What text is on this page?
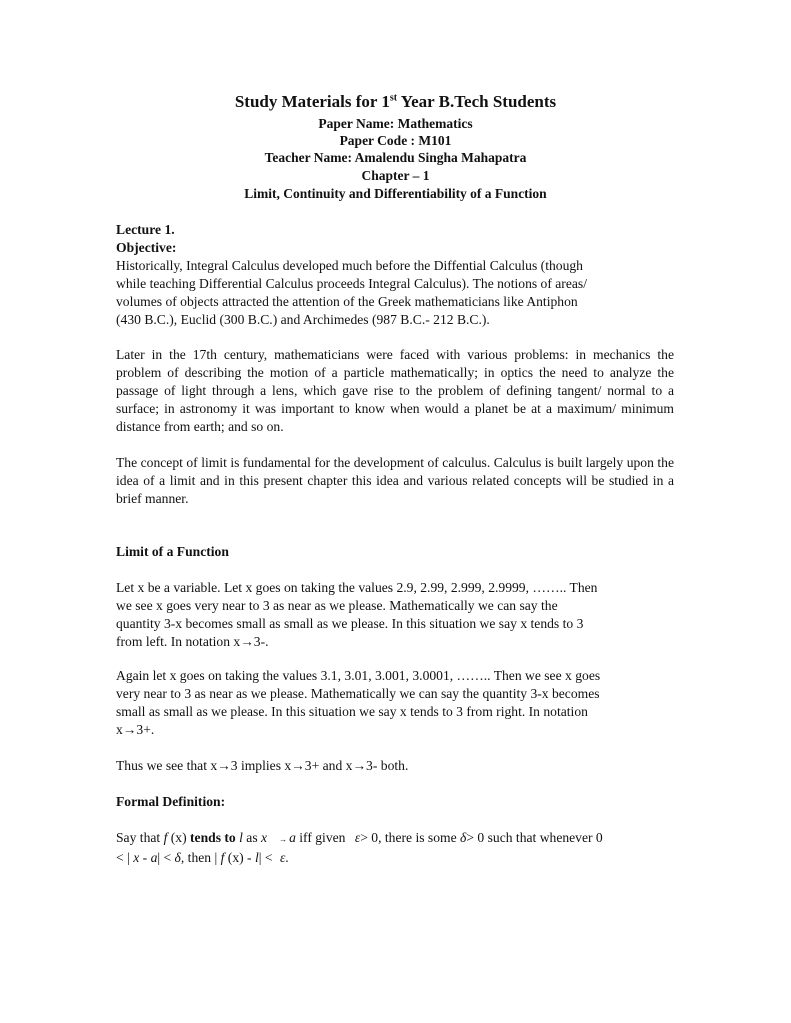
Study Materials for 1st Year B.Tech Students
Paper Name: Mathematics
Paper Code : M101
Teacher Name: Amalendu Singha Mahapatra
Chapter – 1
Limit, Continuity and Differentiability of a Function
Lecture 1.
Objective:
Historically, Integral Calculus developed much before the Diffential Calculus (though
while teaching Differential Calculus proceeds Integral Calculus). The notions of areas/
volumes of objects attracted the attention of the Greek mathematicians like Antiphon
(430 B.C.), Euclid (300 B.C.) and Archimedes (987 B.C.- 212 B.C.).
Later in the 17th century, mathematicians were faced with various problems: in mechanics the problem of describing the motion of a particle mathematically; in optics the need to analyze the passage of light through a lens, which gave rise to the problem of defining tangent/ normal to a surface; in astronomy it was important to know when would a planet be at a maximum/ minimum distance from earth; and so on.
The concept of limit is fundamental for the development of calculus. Calculus is built largely upon the idea of a limit and in this present chapter this idea and various related concepts will be studied in a brief manner.
Limit of a Function
Let x be a variable. Let x goes on taking the values 2.9, 2.99, 2.999, 2.9999, …….. Then
we see x goes very near to 3 as near as we please. Mathematically we can say the
quantity 3-x becomes small as small as we please. In this situation we say x tends to 3
from left. In notation x→3-.
Again let x goes on taking the values 3.1, 3.01, 3.001, 3.0001, …….. Then we see x goes
very near to 3 as near as we please. Mathematically we can say the quantity 3-x becomes
small as small as we please. In this situation we say x tends to 3 from right. In notation
x→3+.
Thus we see that x→3 implies x→3+ and x→3- both.
Formal Definition:
Say that f (x) tends to l as x → a iff given ε> 0, there is some δ> 0 such that whenever 0
< | x - a| < δ, then | f (x) - l| < ε.
